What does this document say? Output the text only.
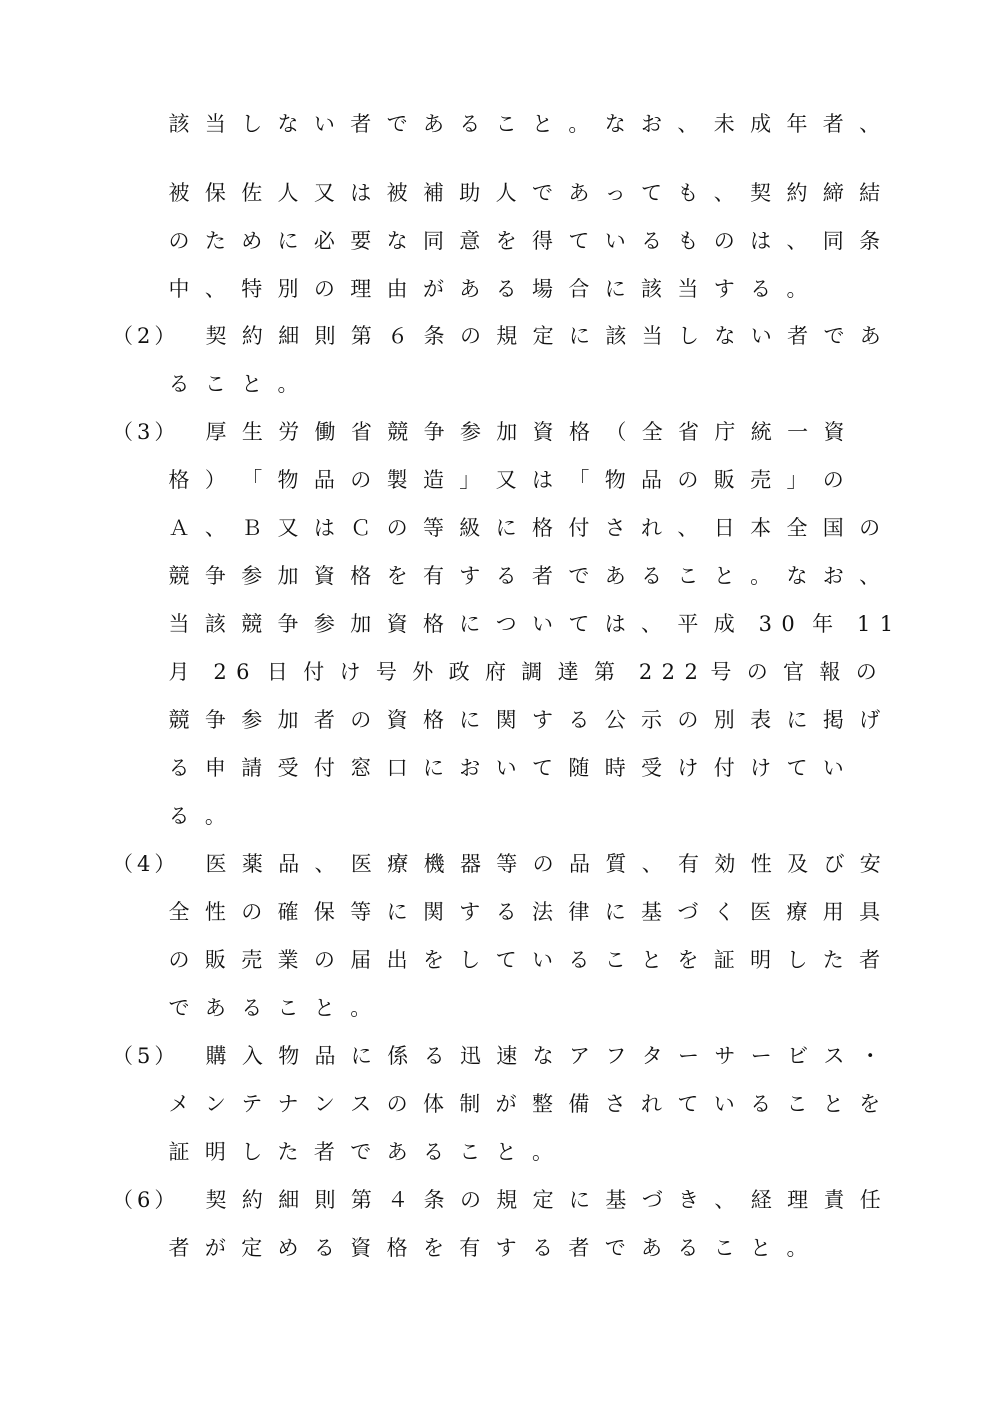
該 当 し な い 者 で あ る こ と 。 な お 、 未 成 年 者 、
被 保 佐 人 又 は 被 補 助 人 で あ っ て も 、 契 約 締 結
の た め に 必 要 な 同 意 を 得 て い る も の は 、 同 条
中 、 特 別 の 理 由 が あ る 場 合 に 該 当 す る 。
（2） 契 約 細 則 第 ６ 条 の 規 定 に 該 当 し な い 者 で あ
る こ と 。
（3） 厚 生 労 働 省 競 争 参 加 資 格 （ 全 省 庁 統 一 資
格 ） 「 物 品 の 製 造 」 又 は 「 物 品 の 販 売 」 の
Ａ 、 Ｂ 又 は Ｃ の 等 級 に 格 付 さ れ 、 日 本 全 国 の
競 争 参 加 資 格 を 有 す る 者 で あ る こ と 。 な お 、
当 該 競 争 参 加 資 格 に つ い て は 、 平 成 30 年 11
月 26 日 付 け 号 外 政 府 調 達 第 222 号 の 官 報 の
競 争 参 加 者 の 資 格 に 関 す る 公 示 の 別 表 に 掲 げ
る 申 請 受 付 窓 口 に お い て 随 時 受 け 付 け て い
る 。
（4） 医 薬 品 、 医 療 機 器 等 の 品 質 、 有 効 性 及 び 安
全 性 の 確 保 等 に 関 す る 法 律 に 基 づ く 医 療 用 具
の 販 売 業 の 届 出 を し て い る こ と を 証 明 し た 者
で あ る こ と 。
（5） 購 入 物 品 に 係 る 迅 速 な ア フ タ ー サ ー ビ ス ・
メ ン テ ナ ン ス の 体 制 が 整 備 さ れ て い る こ と を
証 明 し た 者 で あ る こ と 。
（6） 契 約 細 則 第 ４ 条 の 規 定 に 基 づ き 、 経 理 責 任
者 が 定 め る 資 格 を 有 す る 者 で あ る こ と 。
